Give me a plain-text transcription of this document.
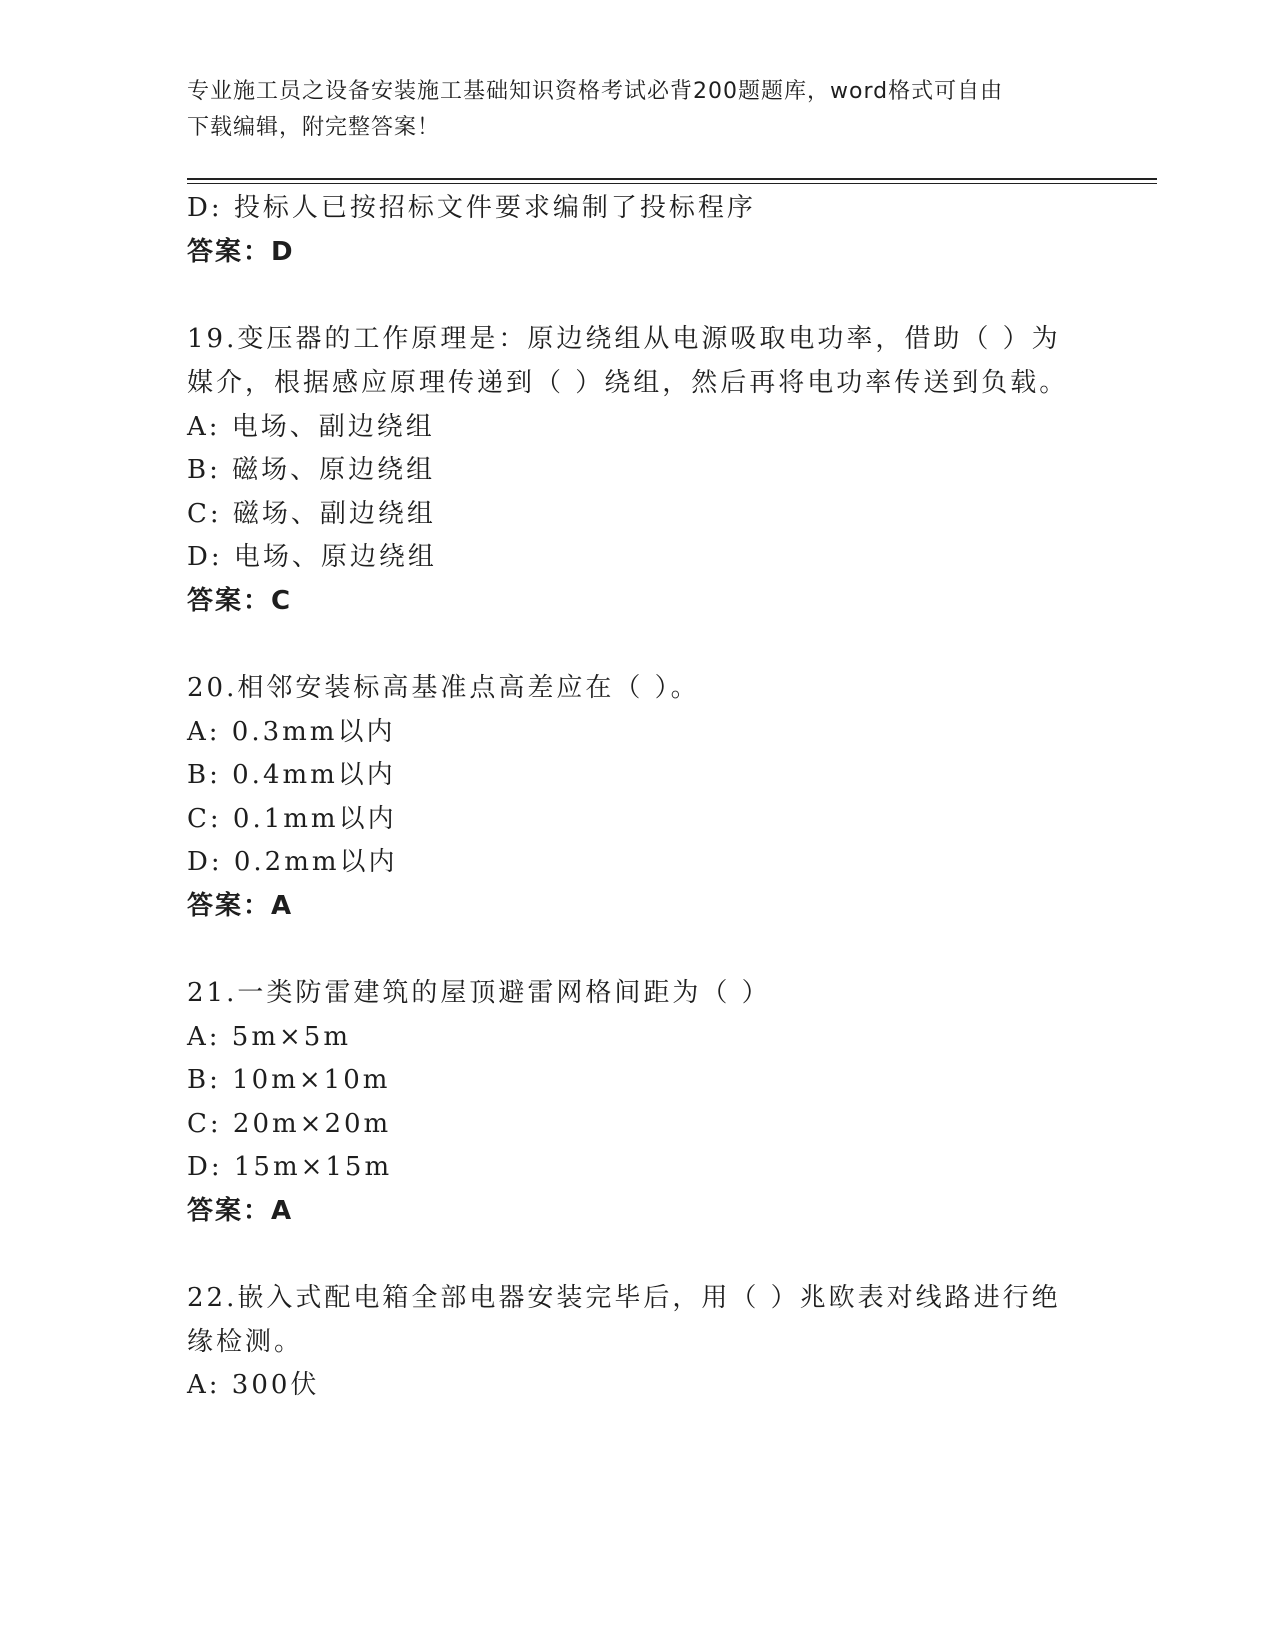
专业施工员之设备安装施工基础知识资格考试必背200题题库，word格式可自由
下载编辑，附完整答案！
D: 投标人已按招标文件要求编制了投标程序
答案：D
19.变压器的工作原理是：原边绕组从电源吸取电功率，借助（ ）为
媒介，根据感应原理传递到（ ）绕组，然后再将电功率传送到负载。
A: 电场、副边绕组
B: 磁场、原边绕组
C: 磁场、副边绕组
D: 电场、原边绕组
答案：C
20.相邻安装标高基准点高差应在（ ）。
A: 0.3mm以内
B: 0.4mm以内
C: 0.1mm以内
D: 0.2mm以内
答案：A
21.一类防雷建筑的屋顶避雷网格间距为（ ）
A: 5m×5m
B: 10m×10m
C: 20m×20m
D: 15m×15m
答案：A
22.嵌入式配电箱全部电器安装完毕后，用（ ）兆欧表对线路进行绝
缘检测。
A: 300伏
